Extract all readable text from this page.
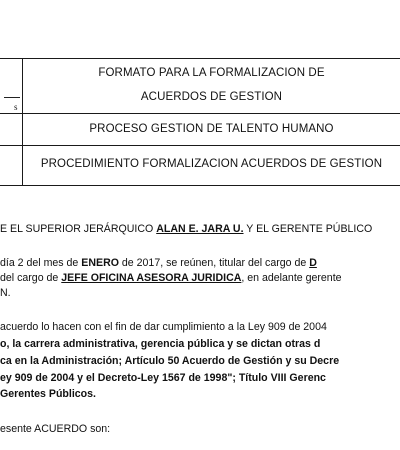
s
FORMATO PARA LA FORMALIZACIÓN DE
ACUERDOS DE GESTIÓN
PROCESO GESTIÓN DE TALENTO HUMANO
PROCEDIMIENTO FORMALIZACIÓN ACUERDOS DE GESTIÓN
E EL SUPERIOR JERÁRQUICO ALAN E. JARA U. Y EL GERENTE PÚBLICO
día 2 del mes de ENERO de 2017, se reúnen, titular del cargo de D
del cargo de JEFE OFICINA ASESORA JURIDICA, en adelante gerente
N.
acuerdo lo hacen con el fin de dar cumplimiento a la Ley 909 de 2004
o, la carrera administrativa, gerencia pública y se dictan otras d
ca en la Administración; Artículo 50 Acuerdo de Gestión y su Decre
ey 909 de 2004 y el Decreto-Ley 1567 de 1998"; Título VIII Gerenc
Gerentes Públicos.
esente ACUERDO son:
